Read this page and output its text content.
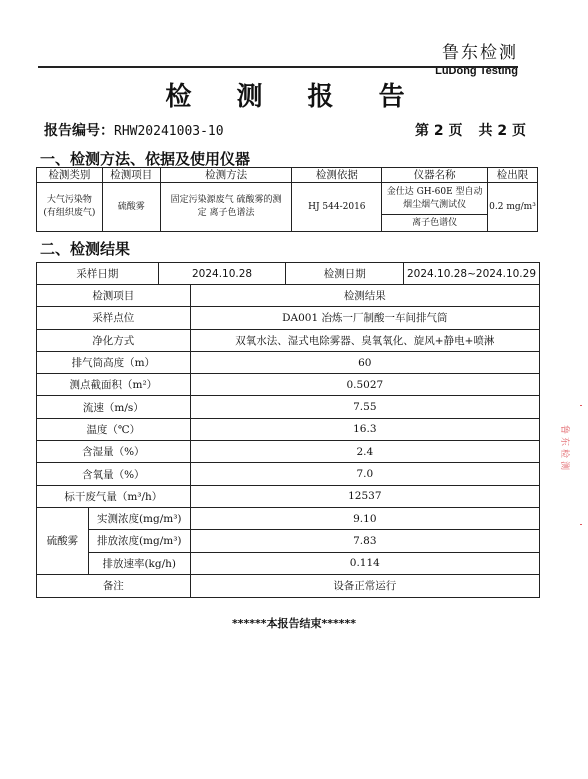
鲁东检测
LuDong Testing
检 测 报 告
报告编号：RHW20241003-10	第 2 页 共 2 页
一、检测方法、依据及使用仪器
检测类别	检测项目	检测方法	检测依据	仪器名称	检出限
大气污染物(有组织废气)	硫酸雾	固定污染源废气 硫酸雾的测定 离子色谱法	HJ 544-2016	金仕达 GH-60E 型自动烟尘烟气测试仪	0.2 mg/m³
				离子色谱仪	
二、检测结果
采样日期		2024.10.28		检测日期	2024.10.28~2024.10.29
检测项目			检测结果		
采样点位			DA001 冶炼一厂制酸一车间排气筒		
净化方式			双氧水法、湿式电除雾器、臭氧氧化、旋风+静电+喷淋		
排气筒高度（m）			60		
测点截面积（m²）			0.5027		
流速（m/s）			7.55		
温度（℃）			16.3		
含湿量（%）			2.4		
含氧量（%）			7.0		
标干废气量（m³/h）			12537		
硫酸雾	实测浓度(mg/m³)		9.10		
	排放浓度(mg/m³)		7.83		
	排放速率(kg/h)		0.114		
备注			设备正常运行		
******本报告结束******
鲁东检测
